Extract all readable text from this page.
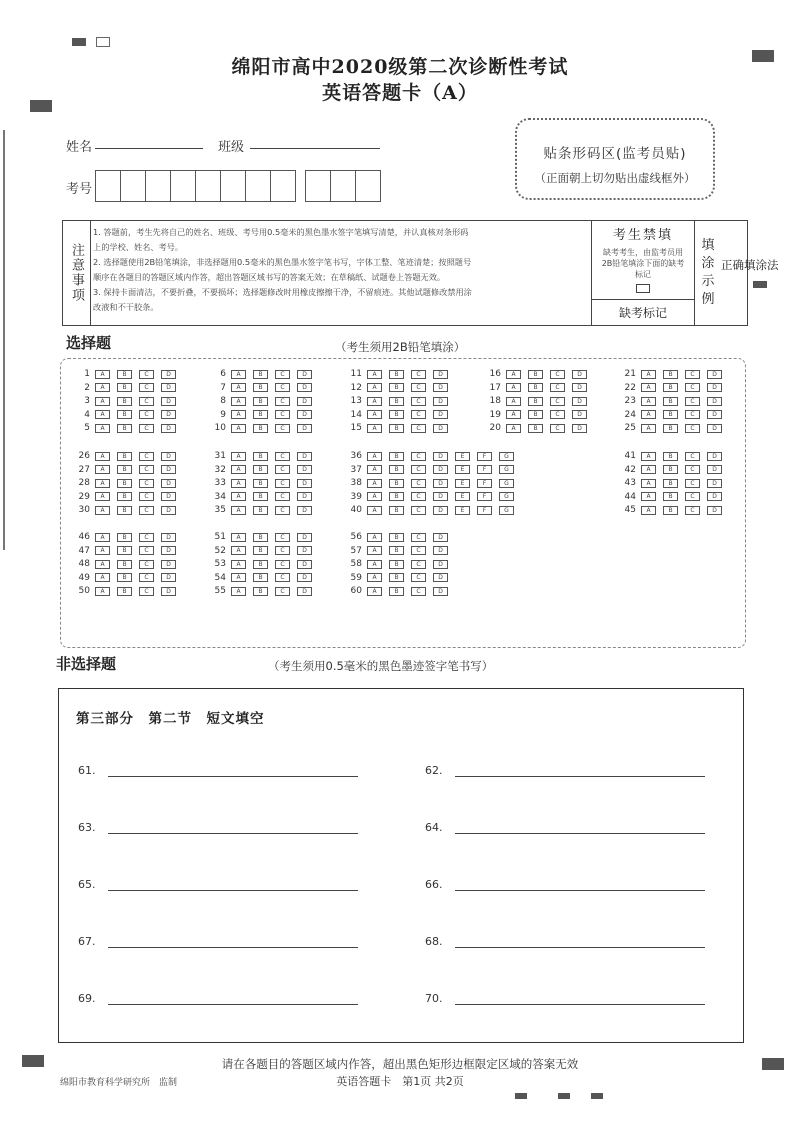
绵阳市高中2020级第二次诊断性考试
英语答题卡（A）
姓名	班级
考号
贴条形码区(监考员贴)
（正面朝上切勿贴出虚线框外）
注意事项

1. 答题前，考生先将自己的姓名、班级、考号用0.5毫米的黑色墨水签字笔填写清楚，并认真核对条形码

上的学校、姓名、考号。

2. 选择题使用2B铅笔填涂，非选择题用0.5毫米的黑色墨水签字笔书写，字体工整、笔迹清楚；按照题号

顺序在各题目的答题区域内作答，超出答题区域书写的答案无效；在草稿纸、试题卷上答题无效。

3. 保持卡面清洁，不要折叠，不要损坏；选择题修改时用橡皮擦擦干净，不留痕迹。其他试题修改禁用涂

改液和不干胶条。

考生禁填
缺考考生，由监考员用2B铅笔填涂下面的缺考标记
缺考标记
填涂示例
正确填涂法
选择题	（考生须用2B铅笔填涂）
1	A	B	C	D
2	A	B	C	D
3	A	B	C	D
4	A	B	C	D
5	A	B	C	D
6	A	B	C	D
7	A	B	C	D
8	A	B	C	D
9	A	B	C	D
10	A	B	C	D
11	A	B	C	D
12	A	B	C	D
13	A	B	C	D
14	A	B	C	D
15	A	B	C	D
16	A	B	C	D
17	A	B	C	D
18	A	B	C	D
19	A	B	C	D
20	A	B	C	D
21	A	B	C	D
22	A	B	C	D
23	A	B	C	D
24	A	B	C	D
25	A	B	C	D
26	A	B	C	D
27	A	B	C	D
28	A	B	C	D
29	A	B	C	D
30	A	B	C	D
31	A	B	C	D
32	A	B	C	D
33	A	B	C	D
34	A	B	C	D
35	A	B	C	D
36	A	B	C	D	E	F	G
37	A	B	C	D	E	F	G
38	A	B	C	D	E	F	G
39	A	B	C	D	E	F	G
40	A	B	C	D	E	F	G
41	A	B	C	D
42	A	B	C	D
43	A	B	C	D
44	A	B	C	D
45	A	B	C	D
46	A	B	C	D
47	A	B	C	D
48	A	B	C	D
49	A	B	C	D
50	A	B	C	D
51	A	B	C	D
52	A	B	C	D
53	A	B	C	D
54	A	B	C	D
55	A	B	C	D
56	A	B	C	D
57	A	B	C	D
58	A	B	C	D
59	A	B	C	D
60	A	B	C	D
非选择题	（考生须用0.5毫米的黑色墨迹签字笔书写）
第三部分　第二节　短文填空
61.	62.
63.	64.
65.	66.
67.	68.
69.	70.
请在各题目的答题区域内作答，超出黑色矩形边框限定区域的答案无效
英语答题卡　第1页 共2页
绵阳市教育科学研究所　监制
